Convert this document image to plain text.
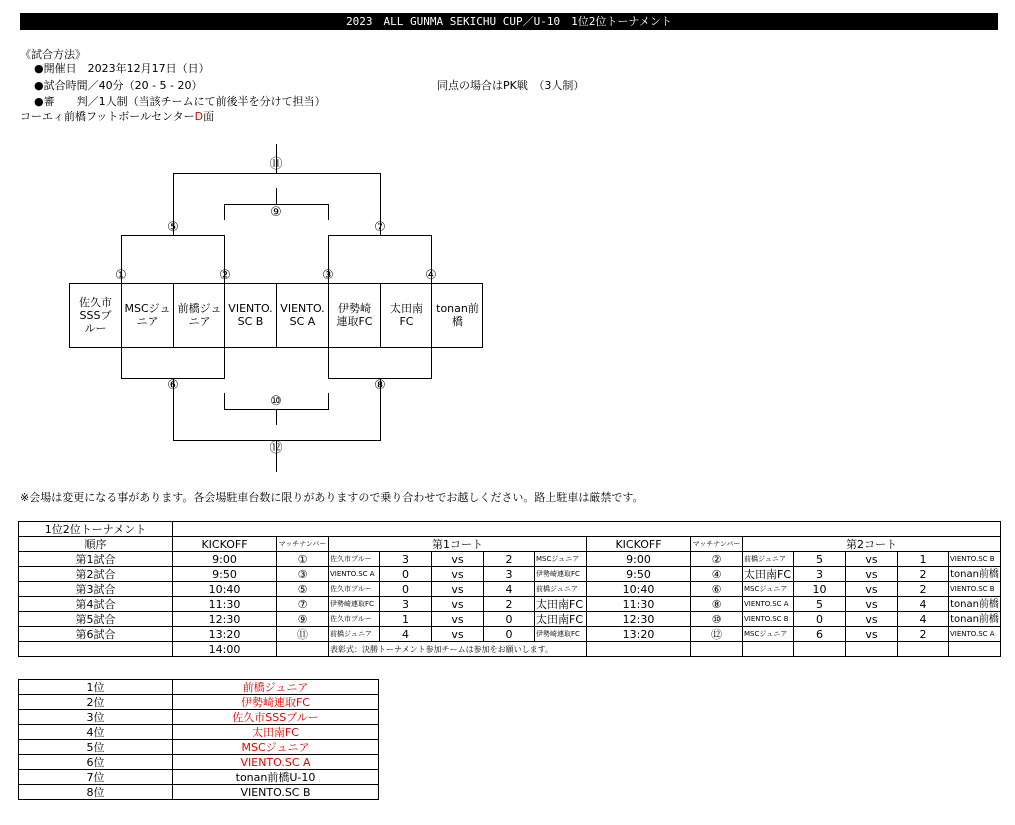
2023　ALL GUNMA SEKICHU CUP／U-10　1位2位トーナメント
《試合方法》
●開催日　2023年12月17日（日）
●試合時間／40分（20 - 5 - 20）	同点の場合はPK戦　（3人制）
●審　　判／1人制（当該チームにて前後半を分けて担当）
コーエィ前橋フットボールセンターD面
⑪
⑨
⑤	⑦
①	②	③	④
⑥	⑧
⑩
⑫
佐久市
SSSブ
ルー
MSCジュ
ニア
前橋ジュ
ニア
VIENTO.
SC B
VIENTO.
SC A
伊勢崎
連取FC
太田南
FC
tonan前
橋
※会場は変更になる事があります。各会場駐車台数に限りがありますので乗り合わせでお越しください。路上駐車は厳禁です。
1位2位トーナメント														
順序	KICKOFF	マッチナンバー	第1コート					KICKOFF	マッチナンバー	第2コート				
第1試合	9:00	①	佐久市ブルー	3	vs	2	MSCジュニア	9:00	②	前橋ジュニア	5	vs	1	VIENTO.SC B
第2試合	9:50	③	VIENTO.SC A	0	vs	3	伊勢崎連取FC	9:50	④	太田南FC	3	vs	2	tonan前橋
第3試合	10:40	⑤	佐久市ブルー	0	vs	4	前橋ジュニア	10:40	⑥	MSCジュニア	10	vs	2	VIENTO.SC B
第4試合	11:30	⑦	伊勢崎連取FC	3	vs	2	太田南FC	11:30	⑧	VIENTO.SC A	5	vs	4	tonan前橋
第5試合	12:30	⑨	佐久市ブルー	1	vs	0	太田南FC	12:30	⑩	VIENTO.SC B	0	vs	4	tonan前橋
第6試合	13:20	⑪	前橋ジュニア	4	vs	0	伊勢崎連取FC	13:20	⑫	MSCジュニア	6	vs	2	VIENTO.SC A
	14:00		表彰式：決勝トーナメント参加チームは参加をお願いします。											
1位	前橋ジュニア
2位	伊勢崎連取FC
3位	佐久市SSSブルー
4位	太田南FC
5位	MSCジュニア
6位	VIENTO.SC A
7位	tonan前橋U-10
8位	VIENTO.SC B
